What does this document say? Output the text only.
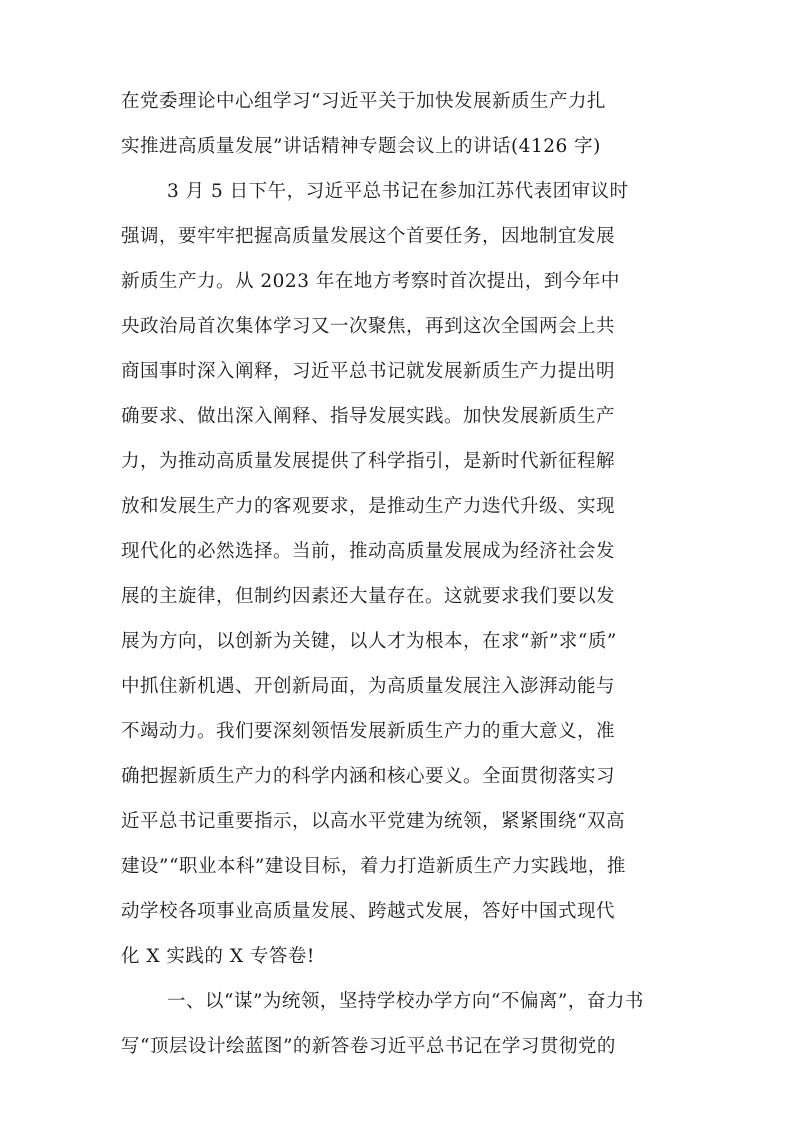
在党委理论中心组学习“习近平关于加快发展新质生产力扎
实推进高质量发展”讲话精神专题会议上的讲话(4126 字)
3 月 5 日下午，习近平总书记在参加江苏代表团审议时
强调，要牢牢把握高质量发展这个首要任务，因地制宜发展
新质生产力。从 2023 年在地方考察时首次提出，到今年中
央政治局首次集体学习又一次聚焦，再到这次全国两会上共
商国事时深入阐释，习近平总书记就发展新质生产力提出明
确要求、做出深入阐释、指导发展实践。加快发展新质生产
力，为推动高质量发展提供了科学指引，是新时代新征程解
放和发展生产力的客观要求，是推动生产力迭代升级、实现
现代化的必然选择。当前，推动高质量发展成为经济社会发
展的主旋律，但制约因素还大量存在。这就要求我们要以发
展为方向，以创新为关键，以人才为根本，在求“新”求“质”
中抓住新机遇、开创新局面，为高质量发展注入澎湃动能与
不竭动力。我们要深刻领悟发展新质生产力的重大意义，准
确把握新质生产力的科学内涵和核心要义。全面贯彻落实习
近平总书记重要指示，以高水平党建为统领，紧紧围绕“双高
建设”“职业本科”建设目标，着力打造新质生产力实践地，推
动学校各项事业高质量发展、跨越式发展，答好中国式现代
化 X 实践的 X 专答卷!
一、以“谋”为统领，坚持学校办学方向“不偏离”，奋力书
写“顶层设计绘蓝图”的新答卷习近平总书记在学习贯彻党的
